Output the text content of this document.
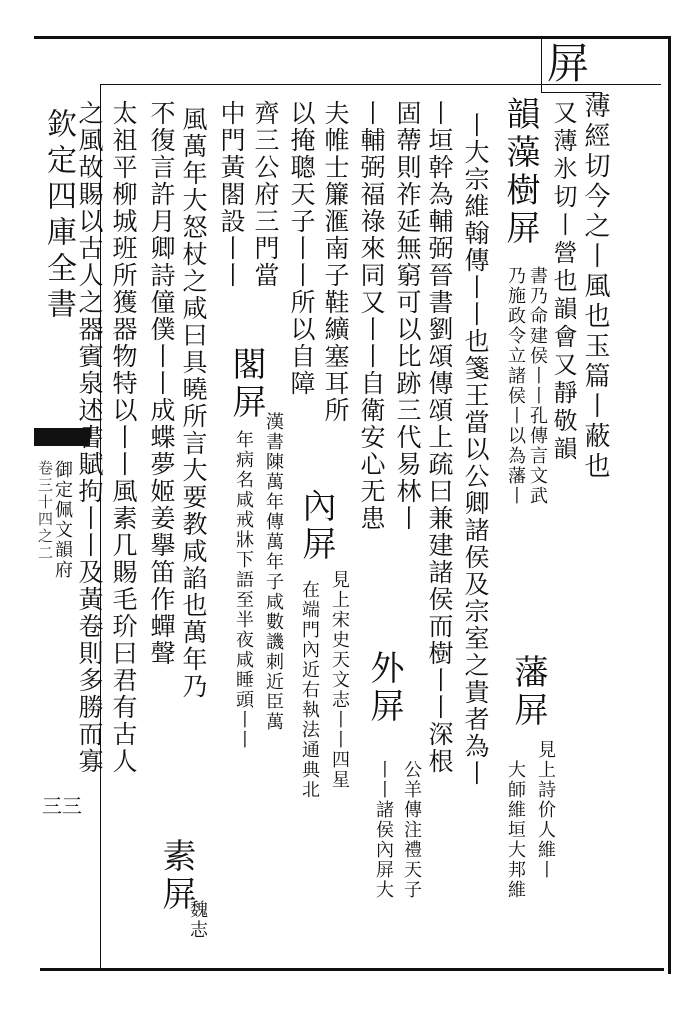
欽定四庫全書
御定佩文韻府
卷三十四之二
三三
屏
薄經切今之丨風也玉篇丨蔽也
又薄氷切丨營也韻會又靜敬韻
韻藻樹屏
書乃命建侯丨丨孔傳言文武
乃施政令立諸侯丨以為藩丨
藩屏
見上詩价人維丨
大師維垣大邦維
丨大宗維翰傳丨丨也箋王當以公卿諸侯及宗室之貴者為丨
丨垣幹為輔弼晉書劉頌傳頌上疏曰兼建諸侯而樹丨丨深根
固蔕則祚延無窮可以比跡三代易林丨
外屏
公羊傳注禮天子
丨丨諸侯內屏大
丨輔弼福祿來同又丨丨自衛安心无患
夫帷士簾滙南子鞋纊塞耳所
以掩聰天子丨丨所以自障
內屏
見上宋史天文志丨丨四星
在端門內近右執法通典北
齊三公府三門當
中門黃閤設丨丨
閣屏
漢書陳萬年傳萬年子咸數譏刺近臣萬
年病名咸戒牀下語至半夜咸睡頭丨丨
風萬年大怒杖之咸曰具曉所言大要教咸諂也萬年乃
不復言許月卿詩僮僕丨丨成蝶夢姬姜擧笛作蟬聲
素屏
魏志
太祖平柳城班所獲器物特以丨丨風素几賜毛玠曰君有古人
之風故賜以古人之器賓泉述書賦拘丨丨及黃卷則多勝而寡
